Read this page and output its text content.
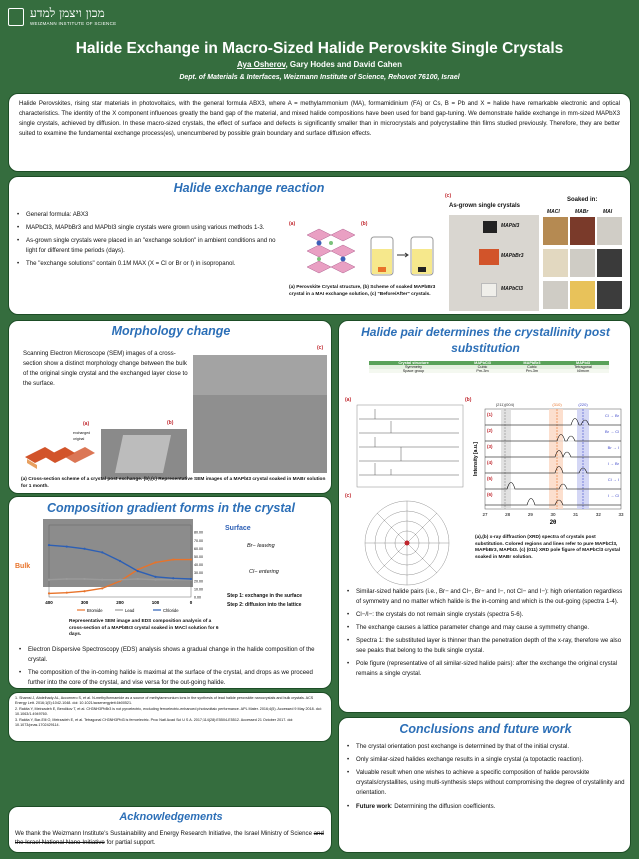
מכון ויצמן למדע
WEIZMANN INSTITUTE OF SCIENCE
Halide Exchange in Macro-Sized Halide Perovskite Single Crystals
Aya Osherov, Gary Hodes and David Cahen
Dept. of Materials & Interfaces, Weizmann Institute of Science, Rehovot 76100, Israel
Halide Perovskites, rising star materials in photovoltaics, with the general formula ABX3, where A = methylammonium (MA), formamidinium (FA) or Cs, B = Pb and X = halide have remarkable electronic and optical characteristics. The identity of the X component influences greatly the band gap of the material, and mixed halide compositions have been used for band gap-tuning. We demonstrate halide exchange in mm-sized MAPbX3 single crystals, achieved by diffusion. In these macro-sized crystals, the effect of surface and defects is significantly smaller than in microcrystals and polycrystalline thin films studied previously. Therefore, they are better suited to examine the fundamental exchange process(es), unencumbered by possible grain boundary and surface diffusion effects.
Halide exchange reaction
• General formula: ABX3
• MAPbCl3, MAPbBr3 and MAPbI3 single crystals were grown using various methods 1-3.
• As-grown single crystals were placed in an "exchange solution" in ambient conditions and no light for different time periods (days).
• The "exchange solutions" contain 0.1M MAX (X = Cl or Br or I) in isopropanol.
(a)	(b)
(a) Perovskite Crystal structure, (b) Scheme of soaked MAPbBr3 crystal in a MAI exchange solution, (c) "Before/After" crystals.
(c)
As-grown single crystals
Soaked in:
MACl	MABr	MAI
MAPbI3
MAPbBr3
MAPbCl3
Morphology change
Scanning Electron Microscope (SEM) images of a cross-section show a distinct morphology change between the bulk of the original single crystal and the exchanged layer close to the surface.
(a)
exchanged
original
(b)
(c)
(a) Cross-section scheme of a crystal post exchange. (b),(c) Representative SEM images of a MAPbI3 crystal soaked in MABr solution for 1 month.
Composition gradient forms in the crystal
400	300	200	100	0
0.00
10.00
20.00
30.00
40.00
50.00
60.00
70.00
80.00
Bromide	Lead	Chloride
Surface
Bulk
Br− leaving
Cl− entering
Step 1: exchange in the surface
Step 2: diffusion into the lattice
Representative SEM image and EDS composition analysis of a cross-section of a MAPbBr3 crystal soaked in MACl solution for 6 days.
• Electron Dispersive Spectroscopy (EDS) analysis shows a gradual change in the halide composition of the crystal.
• The composition of the in-coming halide is maximal at the surface of the crystal, and drops as we proceed further into the core of the crystal, and vise versa for the out-going halide.
1. Shamsi J, Abdelhady AL, Accornero S, et al. N-methylformamide as a source of methylammonium ions in the synthesis of lead halide perovskite nanocrystals and bulk crystals. ACS Energy Lett. 2016;1(5):1042-1048. doi: 10.1021/acsenergylett.6b00521.
2. Rakita Y, Meirzadeh E, Bendikov T, et al. CH3NH3PbBr3 is not pyroelectric, excluding ferroelectric-enhanced photovoltaic performance. APL Mater. 2016;4(5). Accessed 9 May 2018. doi: 10.1063/1.4949760.
3. Rakita Y, Bar-Elli O, Meirzadeh E, et al. Tetragonal CH3NH3PbI3 is ferroelectric. Proc Natl Acad Sci U S A. 2017;114(28):E5504-E5512. Accessed 21 October 2017. doi: 10.1073/pnas.1702429114.
Acknowledgements
We thank the Weizmann Institute's Sustainability and Energy Research Initiative, the Israel Ministry of Science and the Israel National Nano-Initiative for partial support.
Halide pair determines the crystallinity post substitution
Crystal structure	MAPbCl3	MAPbBr3	MAPbI3
Symmetry	Cubic	Cubic	Tetragonal
Space group	Pm-3m	Pm-3m	I4/mcm
(a)	(b)
(1)	Cl → Br
(2)	Br → Cl
(3)	Br → I
(4)	I → Br
(5)	Cl → I
(6)	I → Cl
(211)(004)	(310)	(220)
27	28	29	30	31	32	33
2θ
Intensity [a.u.]
(c)
(a),(b) x-ray diffraction (XRD) spectra of crystals post substitution. Colored regions and lines refer to pure MAPbCl3, MAPbBr3, MAPbI3. (c) (011) XRD pole figure of MAPbCl3 crystal soaked in MABr solution.
• Similar-sized halide pairs (i.e., Br− and Cl−, Br− and I−, not Cl− and I−): high orientation regardless of symmetry and no matter which halide is the in-coming and which is the out-going (spectra 1-4).
• Cl−/I−: the crystals do not remain single crystals (spectra 5-6).
• The exchange causes a lattice parameter change and may cause a symmetry change.
• Spectra 1: the substituted layer is thinner than the penetration depth of the x-ray, therefore we also see peaks that belong to the bulk single crystal.
• Pole figure (representative of all similar-sized halide pairs): after the exchange the original crystal remains a single crystal.
Conclusions and future work
• The crystal orientation post exchange is determined by that of the initial crystal.
• Only similar-sized halides exchange results in a single crystal (a topotactic reaction).
• Valuable result when one wishes to achieve a specific composition of halide perovskite crystals/crystallites, using multi-synthesis steps without compromising the degree of crystallinity and orientation.
• Future work: Determining the diffusion coefficients.
